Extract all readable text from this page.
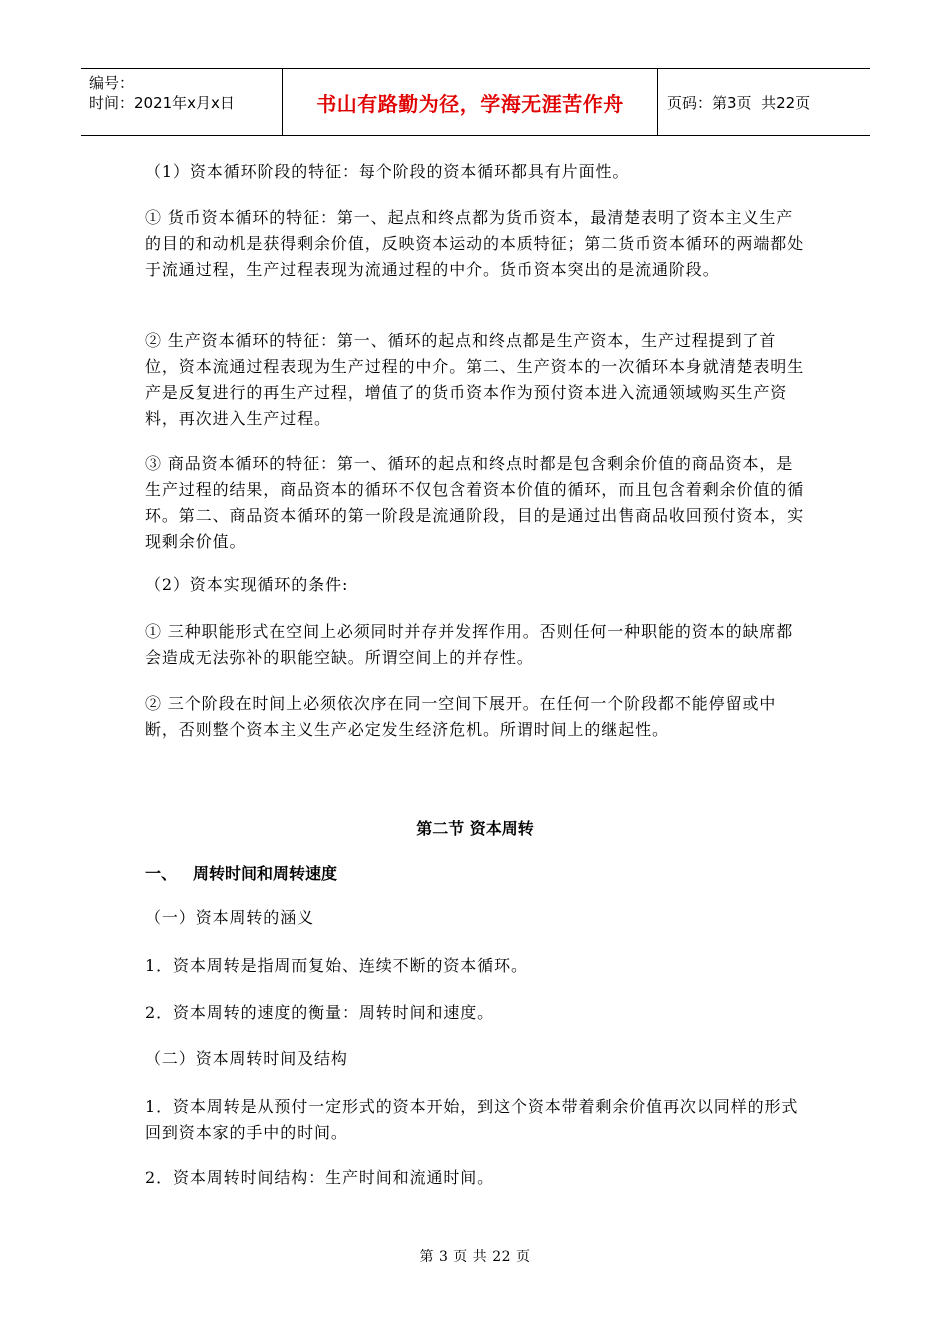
编号：
时间：2021年x月x日	书山有路勤为径，学海无涯苦作舟	页码：第3页  共22页

（1）资本循环阶段的特征：每个阶段的资本循环都具有片面性。

① 货币资本循环的特征：第一、起点和终点都为货币资本，最清楚表明了资本主义生产的目的和动机是获得剩余价值，反映资本运动的本质特征；第二货币资本循环的两端都处于流通过程，生产过程表现为流通过程的中介。货币资本突出的是流通阶段。

② 生产资本循环的特征：第一、循环的起点和终点都是生产资本，生产过程提到了首位，资本流通过程表现为生产过程的中介。第二、生产资本的一次循环本身就清楚表明生产是反复进行的再生产过程，增值了的货币资本作为预付资本进入流通领域购买生产资料，再次进入生产过程。

③ 商品资本循环的特征：第一、循环的起点和终点时都是包含剩余价值的商品资本，是生产过程的结果，商品资本的循环不仅包含着资本价值的循环，而且包含着剩余价值的循环。第二、商品资本循环的第一阶段是流通阶段，目的是通过出售商品收回预付资本，实现剩余价值。

（2）资本实现循环的条件:

① 三种职能形式在空间上必须同时并存并发挥作用。否则任何一种职能的资本的缺席都会造成无法弥补的职能空缺。所谓空间上的并存性。

② 三个阶段在时间上必须依次序在同一空间下展开。在任何一个阶段都不能停留或中断，否则整个资本主义生产必定发生经济危机。所谓时间上的继起性。

第二节 资本周转
一、 周转时间和周转速度

（一）资本周转的涵义

1．资本周转是指周而复始、连续不断的资本循环。

2．资本周转的速度的衡量：周转时间和速度。

（二）资本周转时间及结构

1．资本周转是从预付一定形式的资本开始，到这个资本带着剩余价值再次以同样的形式回到资本家的手中的时间。

2．资本周转时间结构：生产时间和流通时间。

第 3 页 共 22 页
